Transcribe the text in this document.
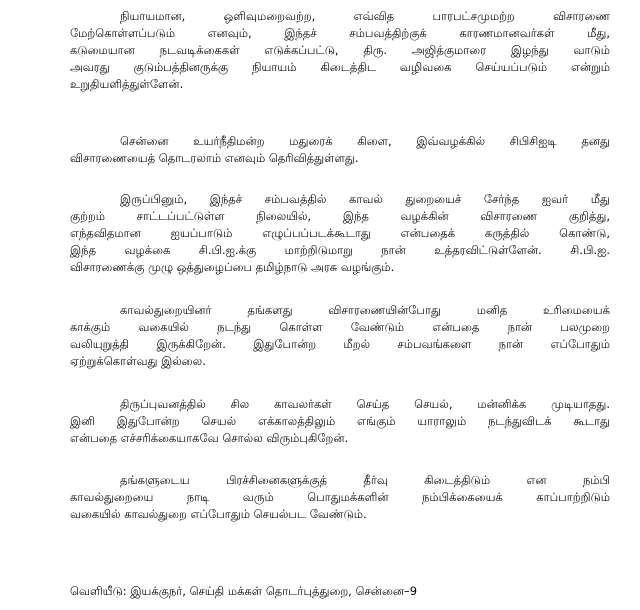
நியாயமான, ஒளிவுமறைவற்ற, எவ்வித பாரபட்சமுமற்ற விசாரணை
மேற்கொள்ளப்படும் எனவும், இந்தச் சம்பவத்திற்குக் காரணமானவர்கள் மீது,
கடுமையான நடவடிக்கைகள் எடுக்கப்பட்டு, திரு. அஜித்குமாரை இழந்து வாடும்
அவரது குடும்பத்தினருக்கு நியாயம் கிடைத்திட வழிவகை செய்யப்படும் என்றும்
உறுதியளித்துள்ளேன்.
சென்னை உயர்நீதிமன்ற மதுரைக் கிளை, இவ்வழக்கில் சிபிசிஐடி தனது
விசாரணையைத் தொடரலாம் எனவும் தெரிவித்துள்ளது.
இருப்பினும், இந்தச் சம்பவத்தில் காவல் துறையைச் சேர்ந்த ஐவர் மீது
குற்றம் சாட்டப்பட்டுள்ள நிலையில், இந்த வழக்கின் விசாரணை குறித்து,
எந்தவிதமான ஐயப்பாடும் எழுப்பப்படக்கூடாது என்பதைக் கருத்தில் கொண்டு,
இந்த வழக்கை சி.பி.ஐ.க்கு மாற்றிடுமாறு நான் உத்தரவிட்டுள்ளேன். சி.பி.ஐ.
விசாரணைக்கு முழு ஒத்துழைப்பை தமிழ்நாடு அரசு வழங்கும்.
காவல்துறையினர் தங்களது விசாரணையின்போது மனித உரிமையைக்
காக்கும் வகையில் நடந்து கொள்ள வேண்டும் என்பதை நான் பலமுறை
வலியுறுத்தி இருக்கிறேன். இதுபோன்ற மீறல் சம்பவங்களை நான் எப்போதும்
ஏற்றுக்கொள்வது இல்லை.
திருப்புவனத்தில் சில காவலர்கள் செய்த செயல், மன்னிக்க முடியாதது.
இனி இதுபோன்ற செயல் எக்காலத்திலும் எங்கும் யாராலும் நடந்துவிடக் கூடாது
என்பதை எச்சரிக்கையாகவே சொல்ல விரும்புகிறேன்.
தங்களுடைய பிரச்சினைகளுக்குத் தீர்வு கிடைத்திடும் என நம்பி
காவல்துறையை நாடி வரும் பொதுமக்களின் நம்பிக்கையைக் காப்பாற்றிடும்
வகையில் காவல்துறை எப்போதும் செயல்பட வேண்டும்.
வெளியீடு: இயக்குநர், செய்தி மக்கள் தொடர்புத்துறை, சென்னை–9
